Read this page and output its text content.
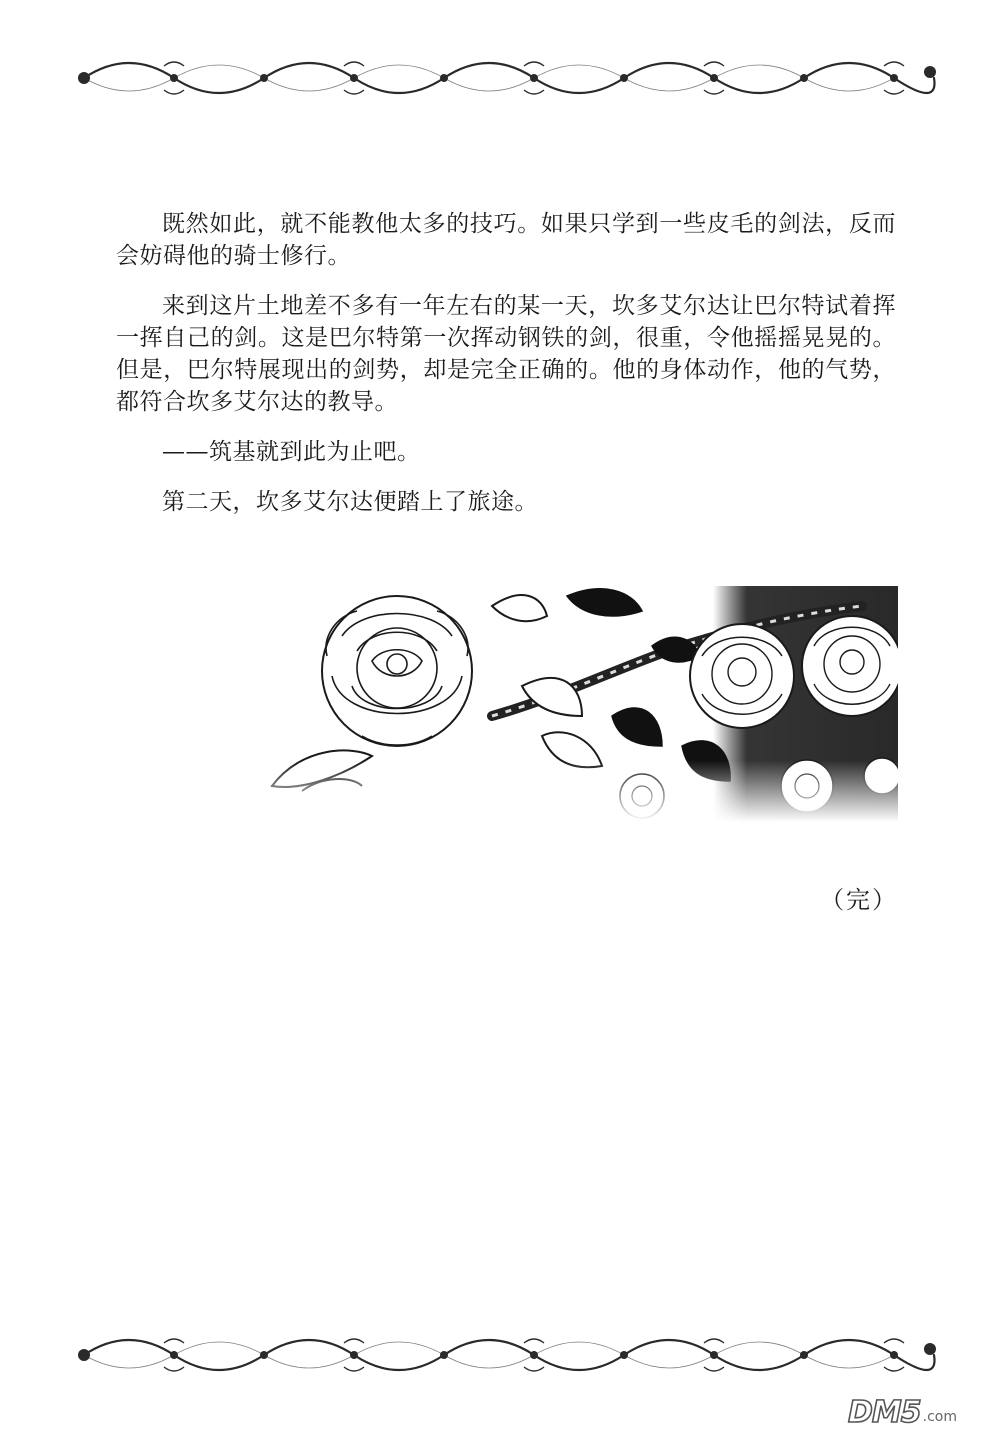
既然如此，就不能教他太多的技巧。如果只学到一些皮毛的剑法，反而会妨碍他的骑士修行。

来到这片土地差不多有一年左右的某一天，坎多艾尔达让巴尔特试着挥一挥自己的剑。这是巴尔特第一次挥动钢铁的剑，很重，令他摇摇晃晃的。但是，巴尔特展现出的剑势，却是完全正确的。他的身体动作，他的气势，都符合坎多艾尔达的教导。

——筑基就到此为止吧。

第二天，坎多艾尔达便踏上了旅途。

（完）
DM5 .com
